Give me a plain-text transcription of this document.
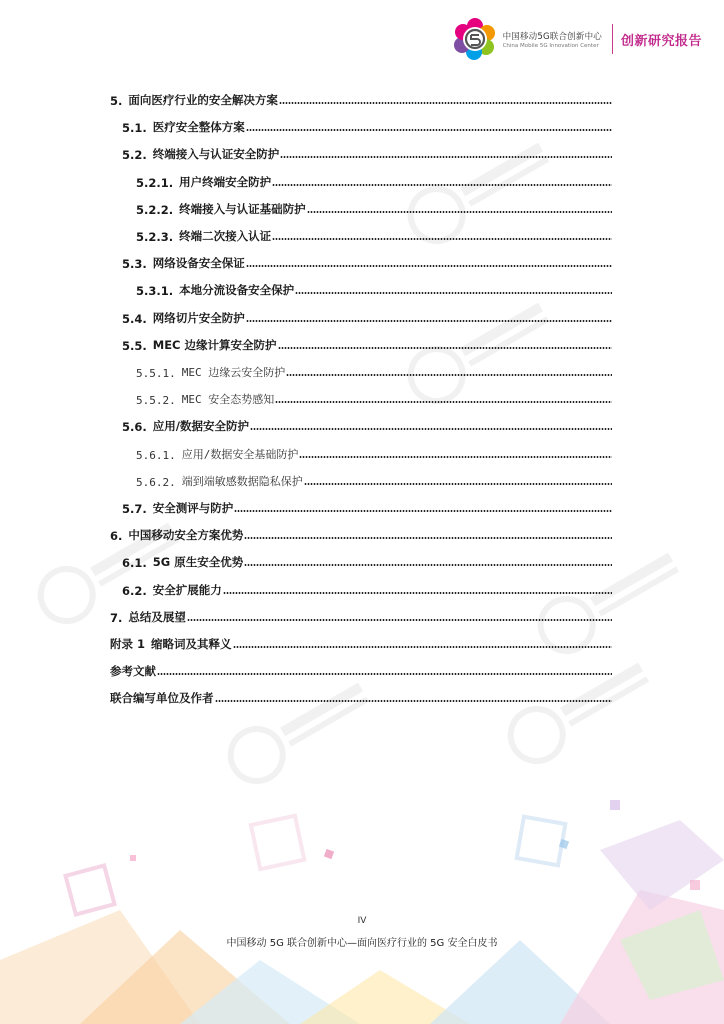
中国移动5G联合创新中心
China Mobile 5G Innovation Center 创新研究报告
5. 面向医疗行业的安全解决方案
5.1. 医疗安全整体方案
5.2. 终端接入与认证安全防护
5.2.1. 用户终端安全防护
5.2.2. 终端接入与认证基础防护
5.2.3. 终端二次接入认证
5.3. 网络设备安全保证
5.3.1. 本地分流设备安全保护
5.4. 网络切片安全防护
5.5. MEC 边缘计算安全防护
5.5.1. MEC 边缘云安全防护
5.5.2. MEC 安全态势感知
5.6. 应用/数据安全防护
5.6.1. 应用/数据安全基础防护
5.6.2. 端到端敏感数据隐私保护
5.7. 安全测评与防护
6. 中国移动安全方案优势
6.1. 5G 原生安全优势
6.2. 安全扩展能力
7. 总结及展望
附录 1 缩略词及其释义
参考文献
联合编写单位及作者
IV
中国移动 5G 联合创新中心—面向医疗行业的 5G 安全白皮书
